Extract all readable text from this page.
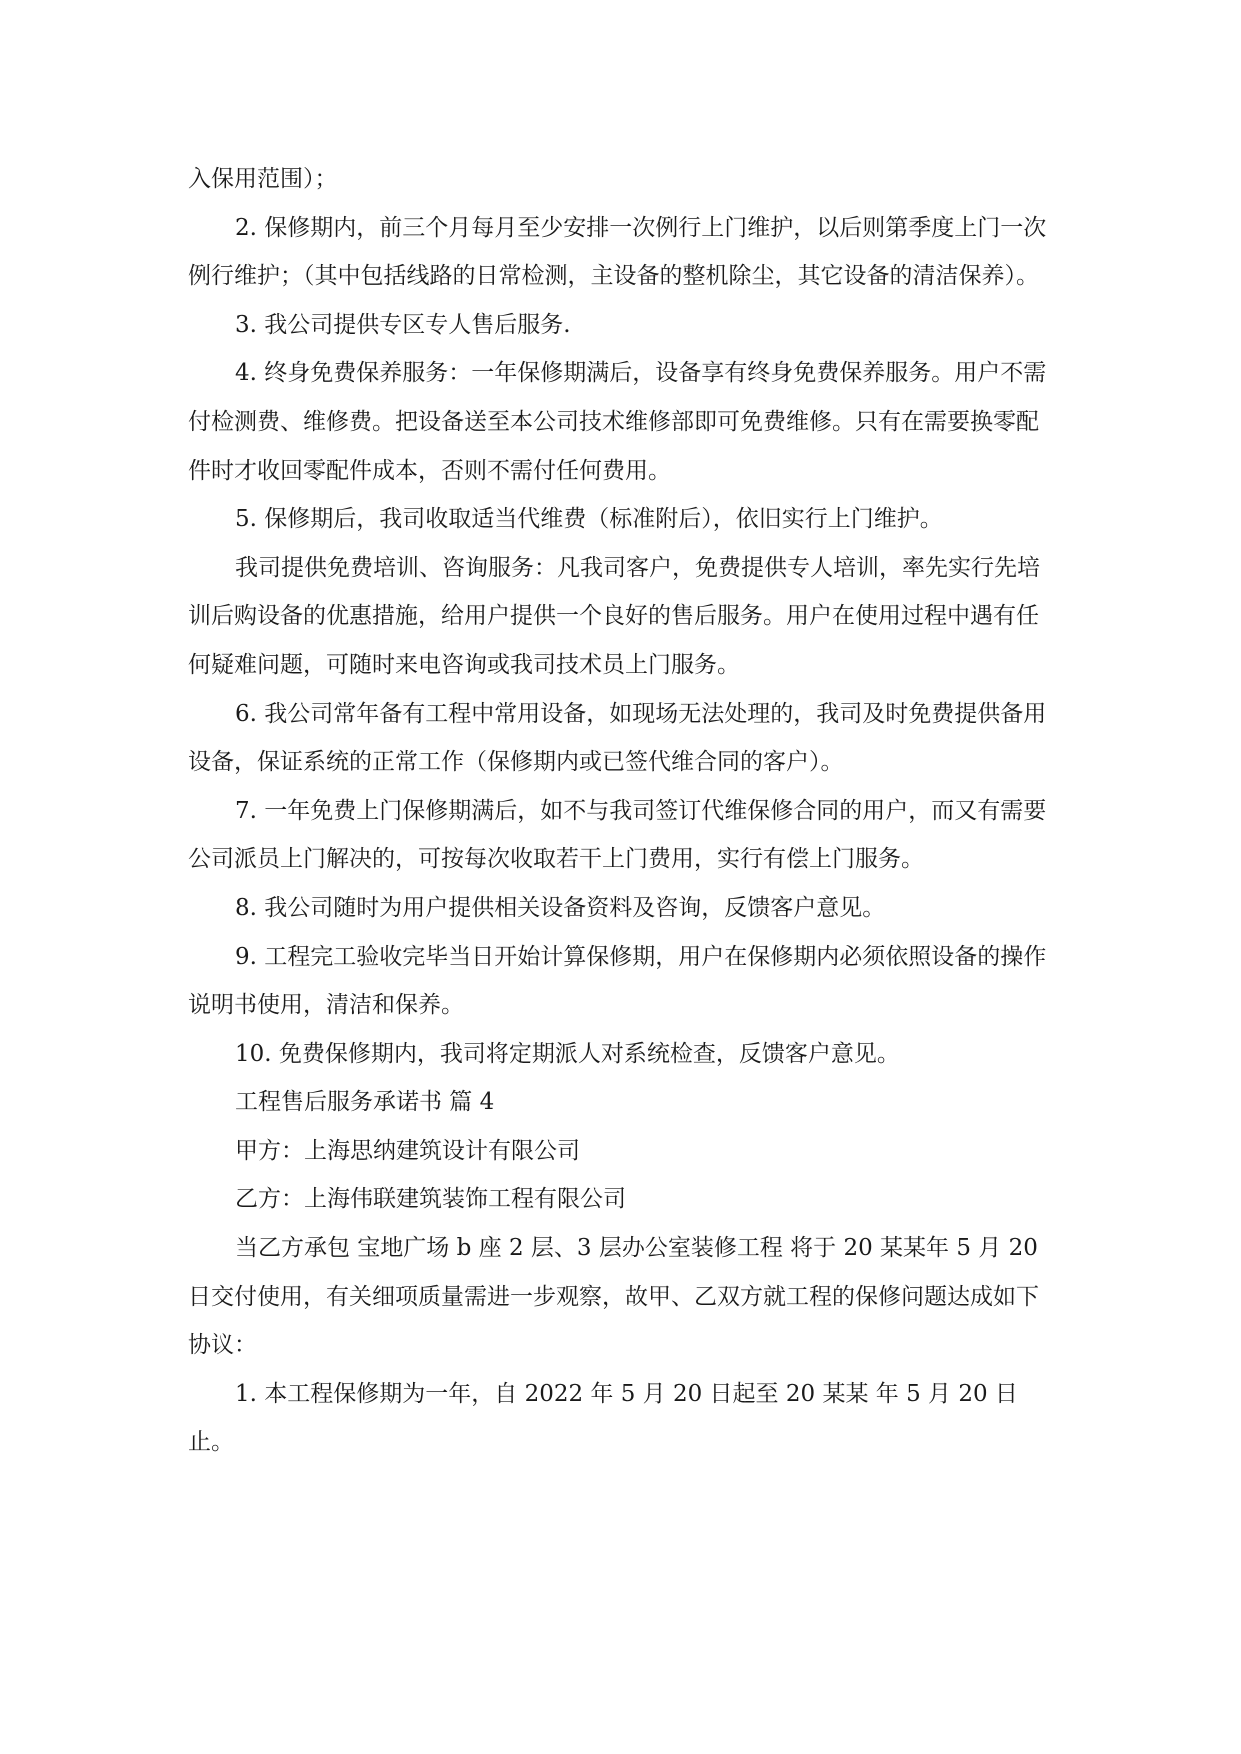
入保用范围）；

2. 保修期内，前三个月每月至少安排一次例行上门维护，以后则第季度上门一次例行维护；（其中包括线路的日常检测，主设备的整机除尘，其它设备的清洁保养）。

3. 我公司提供专区专人售后服务.

4. 终身免费保养服务：一年保修期满后，设备享有终身免费保养服务。用户不需付检测费、维修费。把设备送至本公司技术维修部即可免费维修。只有在需要换零配件时才收回零配件成本，否则不需付任何费用。

5. 保修期后，我司收取适当代维费（标准附后），依旧实行上门维护。

我司提供免费培训、咨询服务：凡我司客户，免费提供专人培训，率先实行先培训后购设备的优惠措施，给用户提供一个良好的售后服务。用户在使用过程中遇有任何疑难问题，可随时来电咨询或我司技术员上门服务。

6. 我公司常年备有工程中常用设备，如现场无法处理的，我司及时免费提供备用设备，保证系统的正常工作（保修期内或已签代维合同的客户）。

7. 一年免费上门保修期满后，如不与我司签订代维保修合同的用户，而又有需要公司派员上门解决的，可按每次收取若干上门费用，实行有偿上门服务。

8. 我公司随时为用户提供相关设备资料及咨询，反馈客户意见。

9. 工程完工验收完毕当日开始计算保修期，用户在保修期内必须依照设备的操作说明书使用，清洁和保养。

10. 免费保修期内，我司将定期派人对系统检查，反馈客户意见。

工程售后服务承诺书 篇 4

甲方：上海思纳建筑设计有限公司

乙方：上海伟联建筑装饰工程有限公司

当乙方承包 宝地广场 b 座 2 层、3 层办公室装修工程 将于 20 某某年 5 月 20 日交付使用，有关细项质量需进一步观察，故甲、乙双方就工程的保修问题达成如下协议：

1. 本工程保修期为一年，自 2022 年 5 月 20 日起至 20 某某 年 5 月 20 日止。
